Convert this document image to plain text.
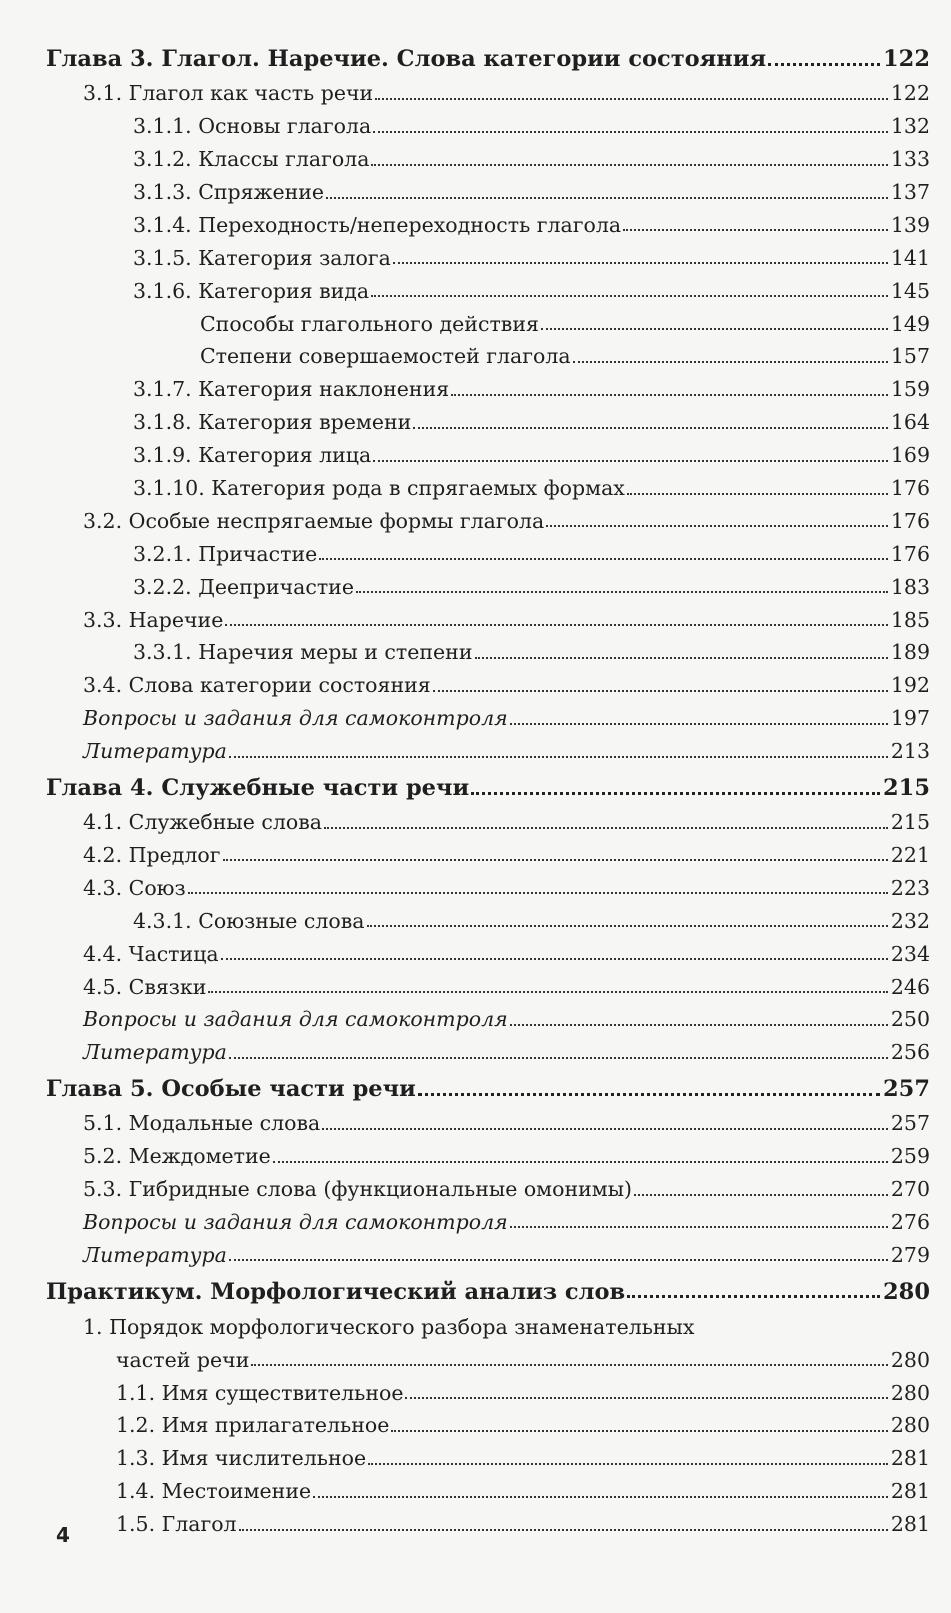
Глава 3. Глагол. Наречие. Слова категории состояния	122
3.1. Глагол как часть речи	122
3.1.1. Основы глагола	132
3.1.2. Классы глагола	133
3.1.3. Спряжение	137
3.1.4. Переходность/непереходность глагола	139
3.1.5. Категория залога	141
3.1.6. Категория вида	145
Способы глагольного действия	149
Степени совершаемостей глагола	157
3.1.7. Категория наклонения	159
3.1.8. Категория времени	164
3.1.9. Категория лица	169
3.1.10. Категория рода в спрягаемых формах	176
3.2. Особые неспрягаемые формы глагола	176
3.2.1. Причастие	176
3.2.2. Деепричастие	183
3.3. Наречие	185
3.3.1. Наречия меры и степени	189
3.4. Слова категории состояния	192
Вопросы и задания для самоконтроля	197
Литература	213
Глава 4. Служебные части речи	215
4.1. Служебные слова	215
4.2. Предлог	221
4.3. Союз	223
4.3.1. Союзные слова	232
4.4. Частица	234
4.5. Связки	246
Вопросы и задания для самоконтроля	250
Литература	256
Глава 5. Особые части речи	257
5.1. Модальные слова	257
5.2. Междометие	259
5.3. Гибридные слова (функциональные омонимы)	270
Вопросы и задания для самоконтроля	276
Литература	279
Практикум. Морфологический анализ слов	280
1. Порядок морфологического разбора знаменательных
частей речи	280
1.1. Имя существительное	280
1.2. Имя прилагательное	280
1.3. Имя числительное	281
1.4. Местоимение	281
1.5. Глагол	281
4
